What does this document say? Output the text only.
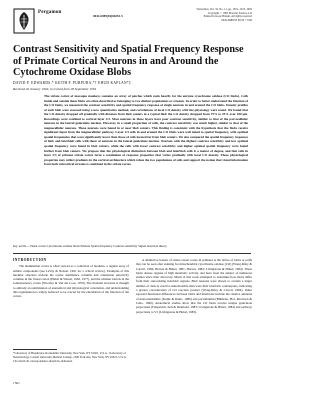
Pergamon
0042-6989(94)00253-5
Vision Res. Vol. 35, No. 11, pp. 1501–1523, 1995
Copyright © 1995 Elsevier Science Ltd
Printed in Great Britain. All rights reserved
0042-6989/95 $9.50 + 0.00
Contrast Sensitivity and Spatial Frequency Response of Primate Cortical Neurons in and Around the Cytochrome Oxidase Blobs
DAVID P. EDWARDS,* KEITH P. PURPURA,*† EHUD KAPLAN*‡
Received 26 January 1994; in revised form 28 September 1994

The striate cortex of macaque monkeys contains an array of patches which stain heavily for the enzyme cytochrome oxidase (CO blobs). Cells inside and outside these blobs are often described as belonging to two distinct populations or streams. In order to better understand the function of the CO blobs, we measured the contrast sensitivity and spatial frequency response of single neurons in and around the CO blobs. Density profiles of each blob were assessed using a new quantitative method, and correlations of local CO density with the physiology were noted. We found that the CO density dropped off gradually with distance from blob centers in a typical blob the CO density dropped from 75% to 25% over 180 μm. Recordings were confined to cortical layer 2/3. Most neurons in these layers have poor contrast sensitivity, similar to that of the parvocellular neurons in the lateral geniculate nucleus. However, in a small proportion of cells, the contrast sensitivity was much higher, similar to that of the magnocellular neurons. These neurons were found in or near blob centers. This finding is consistent with the hypothesis that the blobs receive significant input from the magnocellular pathway. Layer 2/3 cells in and around the CO blobs were well tuned to spatial frequency, with optimal spatial frequencies that were significantly lower than those of cells located far from blob centers. We also compared the spatial frequency responses of blob and interblob cells with those of neurons in the lateral geniculate nucleus. Neurons with the highest contrast sensitivity and low optimal spatial frequency were found in blob centers, while the cells with lower contrast sensitivity and higher optimal spatial frequency were found further from blob centers. We propose that the physiological distinction between blob and interblob cells is a matter of degree, and that cells in layer 2/3 of primate striate cortex form a continuum of response properties that varies gradually with local CO density. These physiological properties may reflect gradients in the cortical architecture which relate the two populations of cells and support the notion that visual information from both subcortical streams is combined in the striate cortex.

Key words— Visual cortex Cytochrome oxidase blobs Primate Spatial frequency Contrast sensitivity Signal detection theory
INTRODUCTION

The mammalian cortex is often viewed as a collection of modules, a regular array of similar components (see LeVay & Nelson, 1991 for a critical review). Examples of this modular structure include the ocular dominance columns and orientation selectivity columns in the visual cortex (Hubel & Wiesel, 1962, 1977), and the whisker barrels in the somatosensory cortex (Woolsey & Van der Loos, 1970). The modular structure is thought to embody an optimization of anatomical and physiological constraints, and understanding this organization is widely believed to be crucial for the elucidation of the function of the cortex.

A distinctive feature of striate visual cortex in primates is the lattice of blobs or puffs that can be seen after staining for mitochondrial cytochrome oxidase (CO) (Wong-Riley & Carroll, 1984; Horton & Hubel, 1981; Horton, 1984; Livingstone & Hubel, 1984). These blobs denote regions of high metabolic activity, and have been the subject of numerous studies since their discovery. Much of this work attempted to determine how blobs differ from their surrounding interblob regions. Blob neurons were shown to contain a larger number of dark-ly reactive mitochondria than were their interblob counterparts, indicating a greater concentration of CO reaction product (Wong-Riley & Carroll, 1984). Other reported functional differences between blobs and interblobs include the relative amounts of neurotransmitter (Kuljis & Rakic, 1989) and parvalbumin (Blümcke, Hof, Morrison & Celio, 1990). Anatomical studies show that the CO blobs receive unique geniculate projections (Fitzpatrick, Itoh & Diamond, 1983; Livingstone & Hubel, 1984) and pathway projections to V2 (Livingstone & Hubel, 1983).

*Laboratory of Biophysics, Rockefeller University, New York, NY 10021, U.S.A. †Laboratory of Neurobiology, Cornell University Medical College, 1300 York Ave, New York, NY 10021, U.S.A. ‡To whom all correspondence should be addressed.
1501
